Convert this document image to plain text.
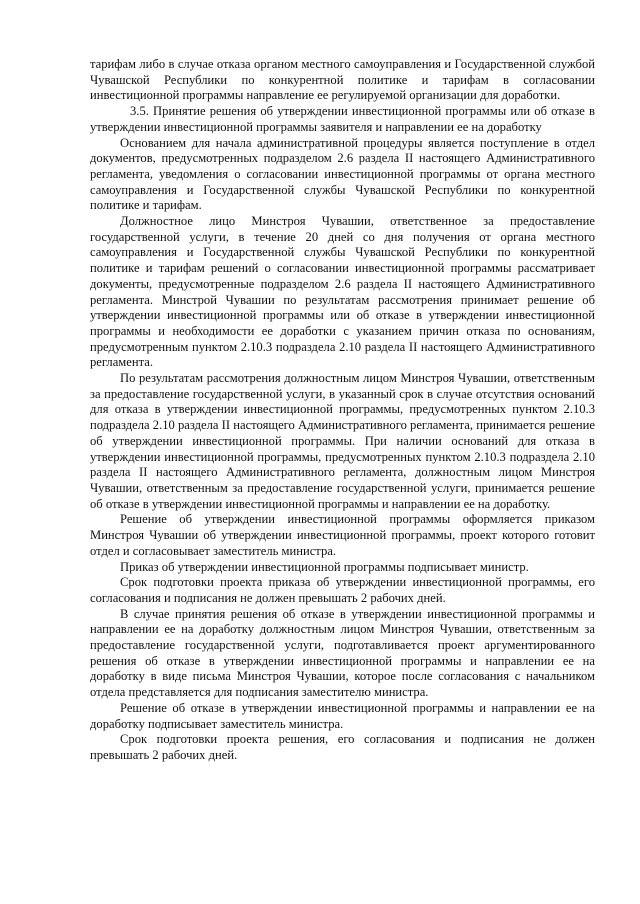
тарифам либо в случае отказа органом местного самоуправления и Государственной службой Чувашской Республики по конкурентной политике и тарифам в согласовании инвестиционной программы направление ее регулируемой организации для доработки.

3.5. Принятие решения об утверждении инвестиционной программы или об отказе в утверждении инвестиционной программы заявителя и направлении ее на доработку

Основанием для начала административной процедуры является поступление в отдел документов, предусмотренных подразделом 2.6 раздела II настоящего Административного регламента, уведомления о согласовании инвестиционной программы от органа местного самоуправления и Государственной службы Чувашской Республики по конкурентной политике и тарифам.

Должностное лицо Минстроя Чувашии, ответственное за предоставление государственной услуги, в течение 20 дней со дня получения от органа местного самоуправления и Государственной службы Чувашской Республики по конкурентной политике и тарифам решений о согласовании инвестиционной программы рассматривает документы, предусмотренные подразделом 2.6 раздела II настоящего Административного регламента. Минстрой Чувашии по результатам рассмотрения принимает решение об утверждении инвестиционной программы или об отказе в утверждении инвестиционной программы и необходимости ее доработки с указанием причин отказа по основаниям, предусмотренным пунктом 2.10.3 подраздела 2.10 раздела II настоящего Административного регламента.

По результатам рассмотрения должностным лицом Минстроя Чувашии, ответственным за предоставление государственной услуги, в указанный срок в случае отсутствия оснований для отказа в утверждении инвестиционной программы, предусмотренных пунктом 2.10.3 подраздела 2.10 раздела II настоящего Административного регламента, принимается решение об утверждении инвестиционной программы. При наличии оснований для отказа в утверждении инвестиционной программы, предусмотренных пунктом 2.10.3 подраздела 2.10 раздела II настоящего Административного регламента, должностным лицом Минстроя Чувашии, ответственным за предоставление государственной услуги, принимается решение об отказе в утверждении инвестиционной программы и направлении ее на доработку.

Решение об утверждении инвестиционной программы оформляется приказом Минстроя Чувашии об утверждении инвестиционной программы, проект которого готовит отдел и согласовывает заместитель министра.

Приказ об утверждении инвестиционной программы подписывает министр.

Срок подготовки проекта приказа об утверждении инвестиционной программы, его согласования и подписания не должен превышать 2 рабочих дней.

В случае принятия решения об отказе в утверждении инвестиционной программы и направлении ее на доработку должностным лицом Минстроя Чувашии, ответственным за предоставление государственной услуги, подготавливается проект аргументированного решения об отказе в утверждении инвестиционной программы и направлении ее на доработку в виде письма Минстроя Чувашии, которое после согласования с начальником отдела представляется для подписания заместителю министра.

Решение об отказе в утверждении инвестиционной программы и направлении ее на доработку подписывает заместитель министра.

Срок подготовки проекта решения, его согласования и подписания не должен превышать 2 рабочих дней.
